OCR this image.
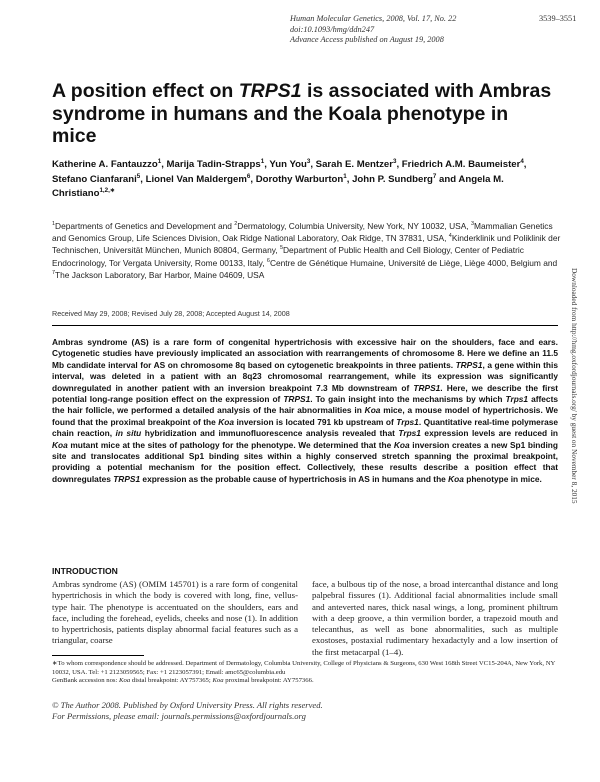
Human Molecular Genetics, 2008, Vol. 17, No. 22	3539–3551
doi:10.1093/hmg/ddn247
Advance Access published on August 19, 2008
A position effect on TRPS1 is associated with Ambras syndrome in humans and the Koala phenotype in mice
Katherine A. Fantauzzo$^1$, Marija Tadin-Strapps$^1$, Yun You$^3$, Sarah E. Mentzer$^3$, Friedrich A.M. Baumeister$^4$, Stefano Cianfarani$^5$, Lionel Van Maldergem$^6$, Dorothy Warburton$^1$, John P. Sundberg$^7$ and Angela M. Christiano$^{1,2,∗}$
$^1$Departments of Genetics and Development and $^2$Dermatology, Columbia University, New York, NY 10032, USA, $^3$Mammalian Genetics and Genomics Group, Life Sciences Division, Oak Ridge National Laboratory, Oak Ridge, TN 37831, USA, $^4$Kinderklinik und Poliklinik der Technischen, Universität München, Munich 80804, Germany, $^5$Department of Public Health and Cell Biology, Center of Pediatric Endocrinology, Tor Vergata University, Rome 00133, Italy, $^6$Centre de Génétique Humaine, Université de Liège, Liège 4000, Belgium and $^7$The Jackson Laboratory, Bar Harbor, Maine 04609, USA
Received May 29, 2008; Revised July 28, 2008; Accepted August 14, 2008
Ambras syndrome (AS) is a rare form of congenital hypertrichosis with excessive hair on the shoulders, face and ears. Cytogenetic studies have previously implicated an association with rearrangements of chromosome 8. Here we define an 11.5 Mb candidate interval for AS on chromosome 8q based on cytogenetic breakpoints in three patients. TRPS1, a gene within this interval, was deleted in a patient with an 8q23 chromosomal rearrangement, while its expression was significantly downregulated in another patient with an inversion breakpoint 7.3 Mb downstream of TRPS1. Here, we describe the first potential long-range position effect on the expression of TRPS1. To gain insight into the mechanisms by which Trps1 affects the hair follicle, we performed a detailed analysis of the hair abnormalities in Koa mice, a mouse model of hypertrichosis. We found that the proximal breakpoint of the Koa inversion is located 791 kb upstream of Trps1. Quantitative real-time polymerase chain reaction, in situ hybridization and immunofluorescence analysis revealed that Trps1 expression levels are reduced in Koa mutant mice at the sites of pathology for the phenotype. We determined that the Koa inversion creates a new Sp1 binding site and translocates additional Sp1 binding sites within a highly conserved stretch spanning the proximal breakpoint, providing a potential mechanism for the position effect. Collectively, these results describe a position effect that downregulates TRPS1 expression as the probable cause of hypertrichosis in AS in humans and the Koa phenotype in mice.
INTRODUCTION
Ambras syndrome (AS) (OMIM 145701) is a rare form of congenital hypertrichosis in which the body is covered with long, fine, vellus-type hair. The phenotype is accentuated on the shoulders, ears and face, including the forehead, eyelids, cheeks and nose (1). In addition to hypertrichosis, patients display abnormal facial features such as a triangular, coarse
face, a bulbous tip of the nose, a broad intercanthal distance and long palpebral fissures (1). Additional facial abnormalities include small and anteverted nares, thick nasal wings, a long, prominent philtrum with a deep groove, a thin vermilion border, a trapezoid mouth and telecanthus, as well as bone abnormalities, such as multiple exostoses, postaxial rudimentary hexadactyly and a low insertion of the first metacarpal (1–4).
∗To whom correspondence should be addressed. Department of Dermatology, Columbia University, College of Physicians & Surgeons, 630 West 168th Street VC15-204A, New York, NY 10032, USA. Tel: +1 2123059565; Fax: +1 2123057391; Email: amc65@columbia.edu
GenBank accession nos: Koa distal breakpoint: AY757365; Koa proximal breakpoint: AY757366.
© The Author 2008. Published by Oxford University Press. All rights reserved.
For Permissions, please email: journals.permissions@oxfordjournals.org
Downloaded from http://hmg.oxfordjournals.org/ by guest on November 8, 2015
